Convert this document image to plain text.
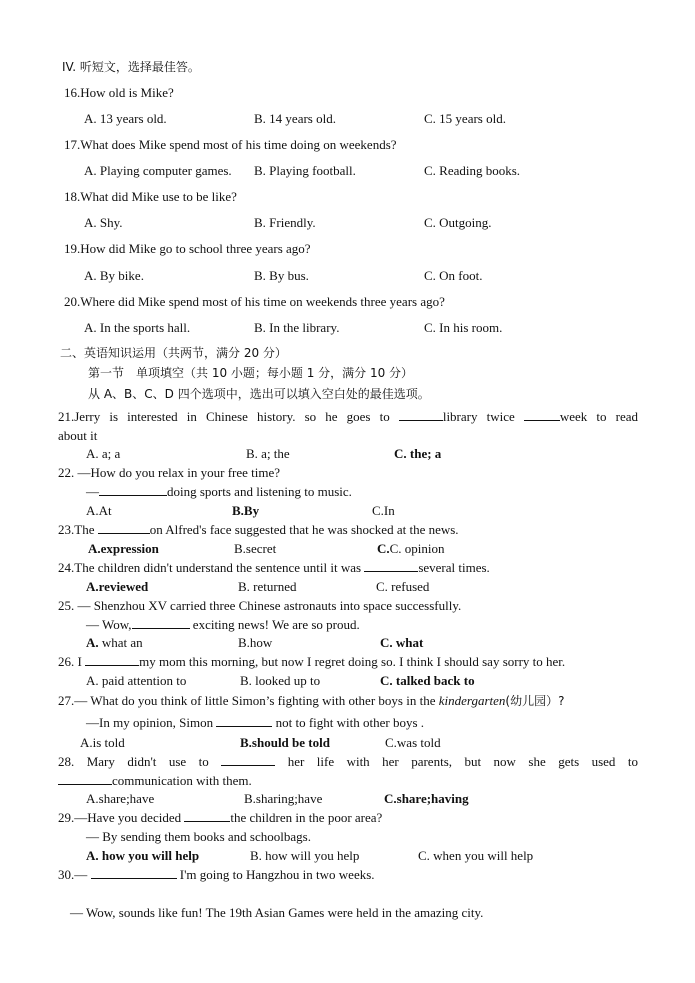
IV. 听短文，选择最佳答。
16.How old is Mike?
A. 13 years old.	B. 14 years old.	C. 15 years old.
17.What does Mike spend most of his time doing on weekends?
A. Playing computer games. B. Playing football.	C. Reading books.
18.What did Mike use to be like?
A. Shy.	B. Friendly.	C. Outgoing.
19.How did Mike go to school three years ago?
A. By bike.	B. By bus.	C. On foot.
20.Where did Mike spend most of his time on weekends three years ago?
A. In the sports hall.	B. In the library.	C. In his room.
二、英语知识运用（共两节，满分 20 分）
第一节　单项填空（共 10 小题；每小题 1 分，满分 10 分）
从 A、B、C、D 四个选项中，选出可以填入空白处的最佳选项。
21.Jerry is interested in Chinese history. so he goes to	library twice	week to read
about it
A. a; a	B. a; the	C. the; a
22. —How do you relax in your free time?
—	doing sports and listening to music.
A.At	B.By	C.In
23.The	on Alfred's face suggested that he was shocked at the news.
A.expression	B.secret	C.C. opinion
24.The children didn't understand the sentence until it was	several times.
A.reviewed	B. returned	C. refused
25. — Shenzhou XV carried three Chinese astronauts into space successfully.
— Wow,	exciting news! We are so proud.
A. what an	B.how	C. what
26. I	my mom this morning, but now I regret doing so. I think I should say sorry to her.
A. paid attention to	B. looked up to	C. talked back to
27.— What do you think of little Simon’s fighting with other boys in the kindergarten(幼儿园）?
—In my opinion, Simon	not to fight with other boys .
A.is told	B.should be told	C.was told
28. Mary didn't use to	her life with her parents, but now she gets used to
communication with them.
A.share;have	B.sharing;have	C.share;having
29.—Have you decided	the children in the poor area?
— By sending them books and schoolbags.
A. how you will help	B. how will you help	C. when you will help
30.—	I'm going to Hangzhou in two weeks.
— Wow, sounds like fun! The 19th Asian Games were held in the amazing city.
